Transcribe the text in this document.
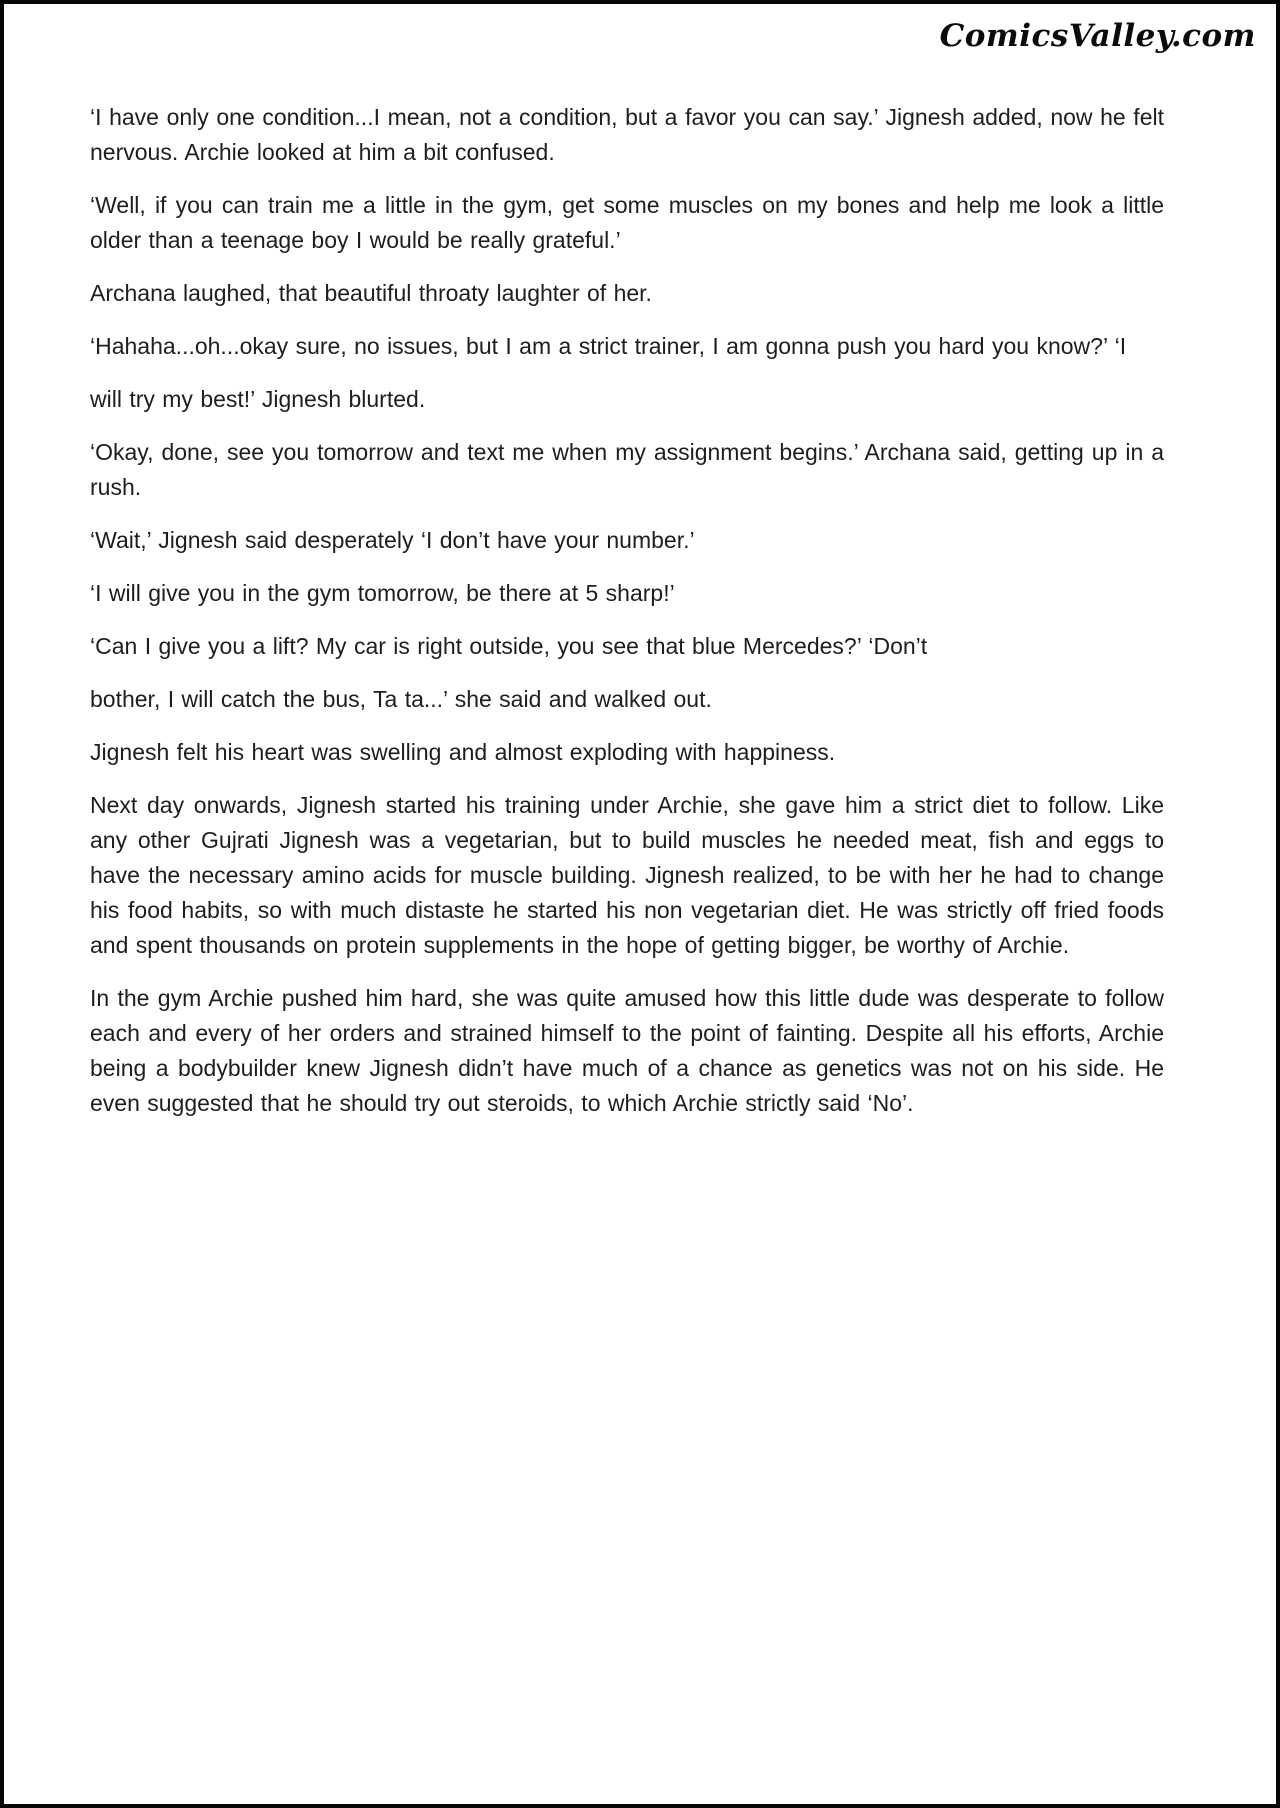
ComicsValley.com

‘I have only one condition...I mean, not a condition, but a favor you can say.’ Jignesh added, now he felt nervous. Archie looked at him a bit confused.

‘Well, if you can train me a little in the gym, get some muscles on my bones and help me look a little older than a teenage boy I would be really grateful.’

Archana laughed, that beautiful throaty laughter of her.

‘Hahaha...oh...okay sure, no issues, but I am a strict trainer, I am gonna push you hard you know?’ ‘I

will try my best!’ Jignesh blurted.

‘Okay, done, see you tomorrow and text me when my assignment begins.’ Archana said, getting up in a rush.

‘Wait,’ Jignesh said desperately ‘I don’t have your number.’

‘I will give you in the gym tomorrow, be there at 5 sharp!’

‘Can I give you a lift? My car is right outside, you see that blue Mercedes?’ ‘Don’t

bother, I will catch the bus, Ta ta...’ she said and walked out.

Jignesh felt his heart was swelling and almost exploding with happiness.

Next day onwards, Jignesh started his training under Archie, she gave him a strict diet to follow. Like any other Gujrati Jignesh was a vegetarian, but to build muscles he needed meat, fish and eggs to have the necessary amino acids for muscle building. Jignesh realized, to be with her he had to change his food habits, so with much distaste he started his non vegetarian diet. He was strictly off fried foods and spent thousands on protein supplements in the hope of getting bigger, be worthy of Archie.

In the gym Archie pushed him hard, she was quite amused how this little dude was desperate to follow each and every of her orders and strained himself to the point of fainting. Despite all his efforts, Archie being a bodybuilder knew Jignesh didn’t have much of a chance as genetics was not on his side. He even suggested that he should try out steroids, to which Archie strictly said ‘No’.
